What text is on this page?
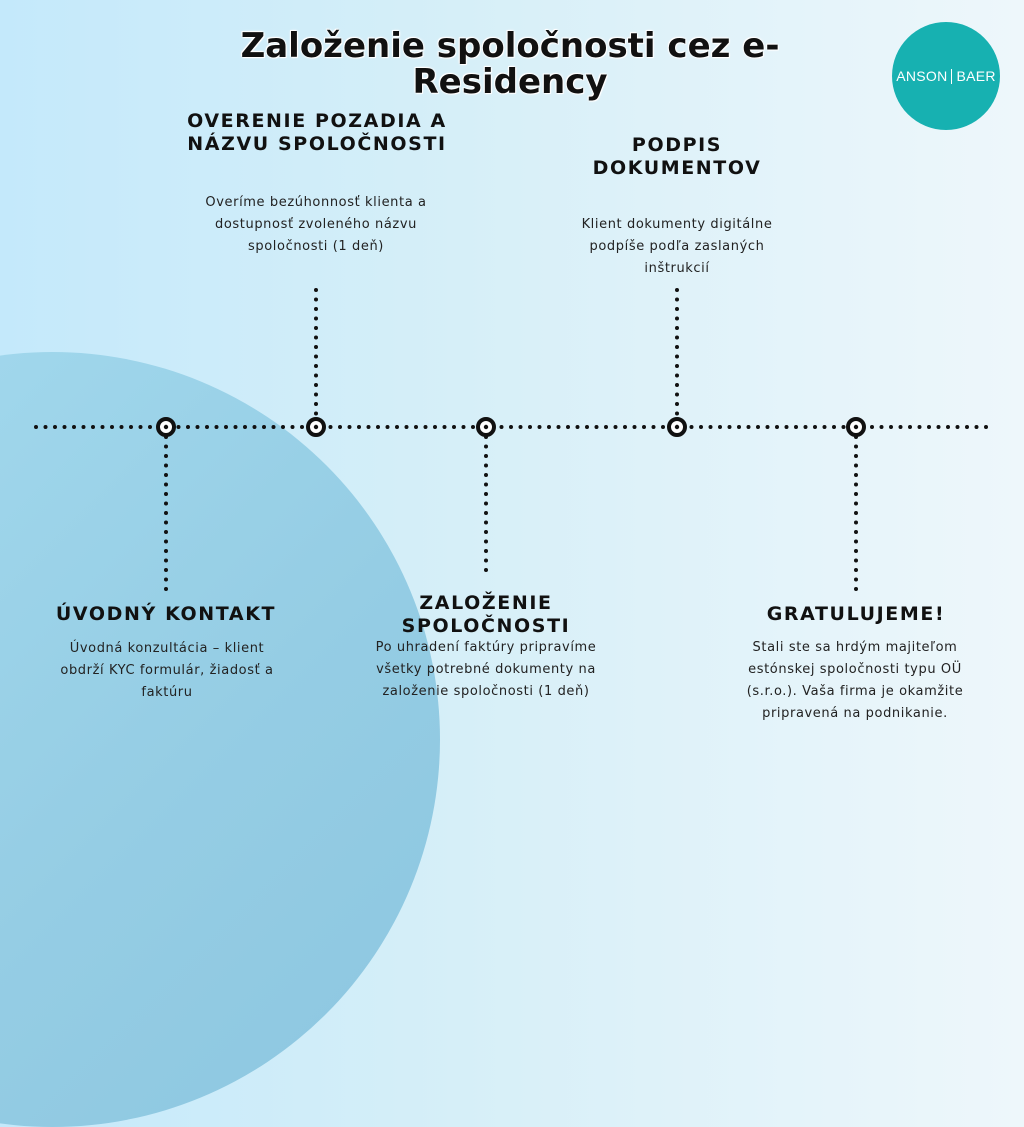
Založenie spoločnosti cez e-Residency	ANSON BAER
OVERENIE POZADIA A NÁZVU SPOLOČNOSTI
Overíme bezúhonnosť klienta a dostupnosť zvoleného názvu spoločnosti (1 deň)
PODPIS DOKUMENTOV
Klient dokumenty digitálne podpíše podľa zaslaných inštrukcií
ÚVODNÝ KONTAKT
Úvodná konzultácia – klient obdrží KYC formulár, žiadosť a faktúru
ZALOŽENIE SPOLOČNOSTI
Po uhradení faktúry pripravíme všetky potrebné dokumenty na založenie spoločnosti (1 deň)
GRATULUJEME!
Stali ste sa hrdým majiteľom estónskej spoločnosti typu OÜ (s.r.o.). Vaša firma je okamžite pripravená na podnikanie.
